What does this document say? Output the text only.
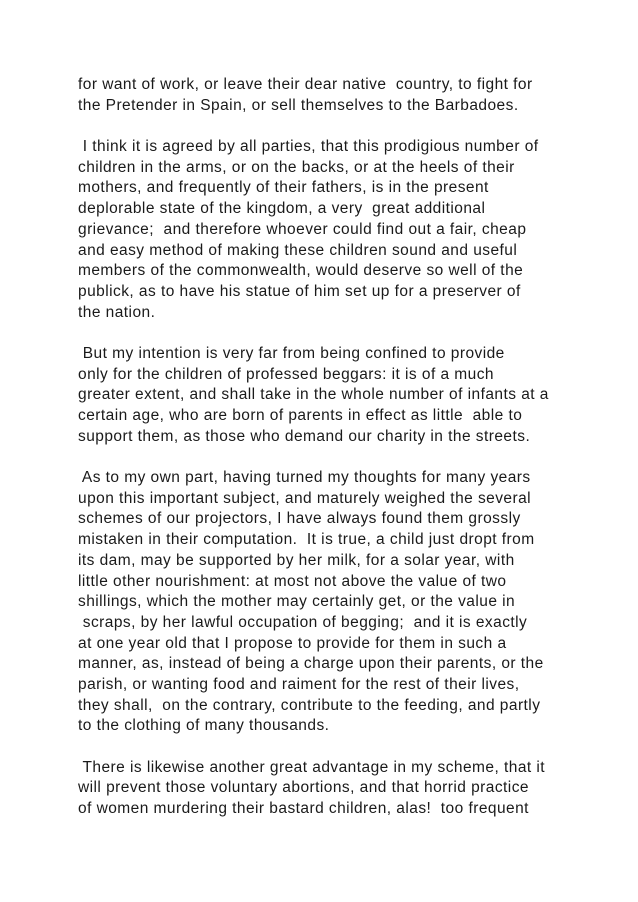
for want of work, or leave their dear native  country, to fight for
the Pretender in Spain, or sell themselves to the Barbadoes.

I think it is agreed by all parties, that this prodigious number of
children in the arms, or on the backs, or at the heels of their
mothers, and frequently of their fathers, is in the present
deplorable state of the kingdom, a very  great additional
grievance;  and therefore whoever could find out a fair, cheap
and easy method of making these children sound and useful
members of the commonwealth, would deserve so well of the
publick, as to have his statue of him set up for a preserver of
the nation.

But my intention is very far from being confined to provide
only for the children of professed beggars: it is of a much
greater extent, and shall take in the whole number of infants at a
certain age, who are born of parents in effect as little  able to
support them, as those who demand our charity in the streets.

As to my own part, having turned my thoughts for many years
upon this important subject, and maturely weighed the several
schemes of our projectors, I have always found them grossly
mistaken in their computation.  It is true, a child just dropt from
its dam, may be supported by her milk, for a solar year, with
little other nourishment: at most not above the value of two
shillings, which the mother may certainly get, or the value in
scraps, by her lawful occupation of begging;  and it is exactly
at one year old that I propose to provide for them in such a
manner, as, instead of being a charge upon their parents, or the
parish, or wanting food and raiment for the rest of their lives,
they shall,  on the contrary, contribute to the feeding, and partly
to the clothing of many thousands.

There is likewise another great advantage in my scheme, that it
will prevent those voluntary abortions, and that horrid practice
of women murdering their bastard children, alas!  too frequent
